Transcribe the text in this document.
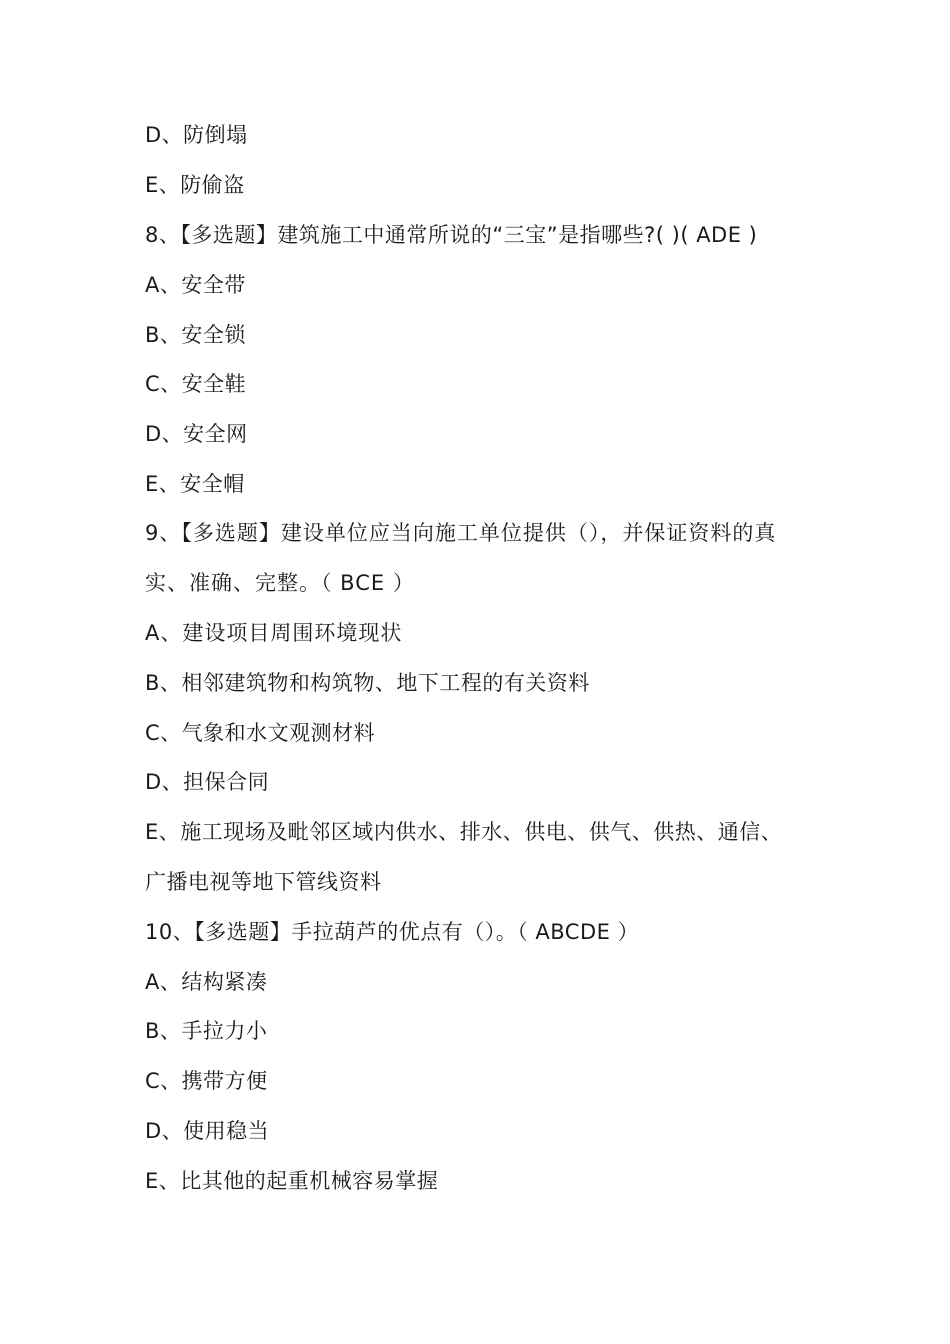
D、防倒塌
E、防偷盗
8、【多选题】建筑施工中通常所说的“三宝”是指哪些?( )( ADE )
A、安全带
B、安全锁
C、安全鞋
D、安全网
E、安全帽
9、【多选题】建设单位应当向施工单位提供（），并保证资料的真
实、准确、完整。（ BCE ）
A、建设项目周围环境现状
B、相邻建筑物和构筑物、地下工程的有关资料
C、气象和水文观测材料
D、担保合同
E、施工现场及毗邻区域内供水、排水、供电、供气、供热、通信、
广播电视等地下管线资料
10、【多选题】手拉葫芦的优点有（）。（ ABCDE ）
A、结构紧凑
B、手拉力小
C、携带方便
D、使用稳当
E、比其他的起重机械容易掌握
